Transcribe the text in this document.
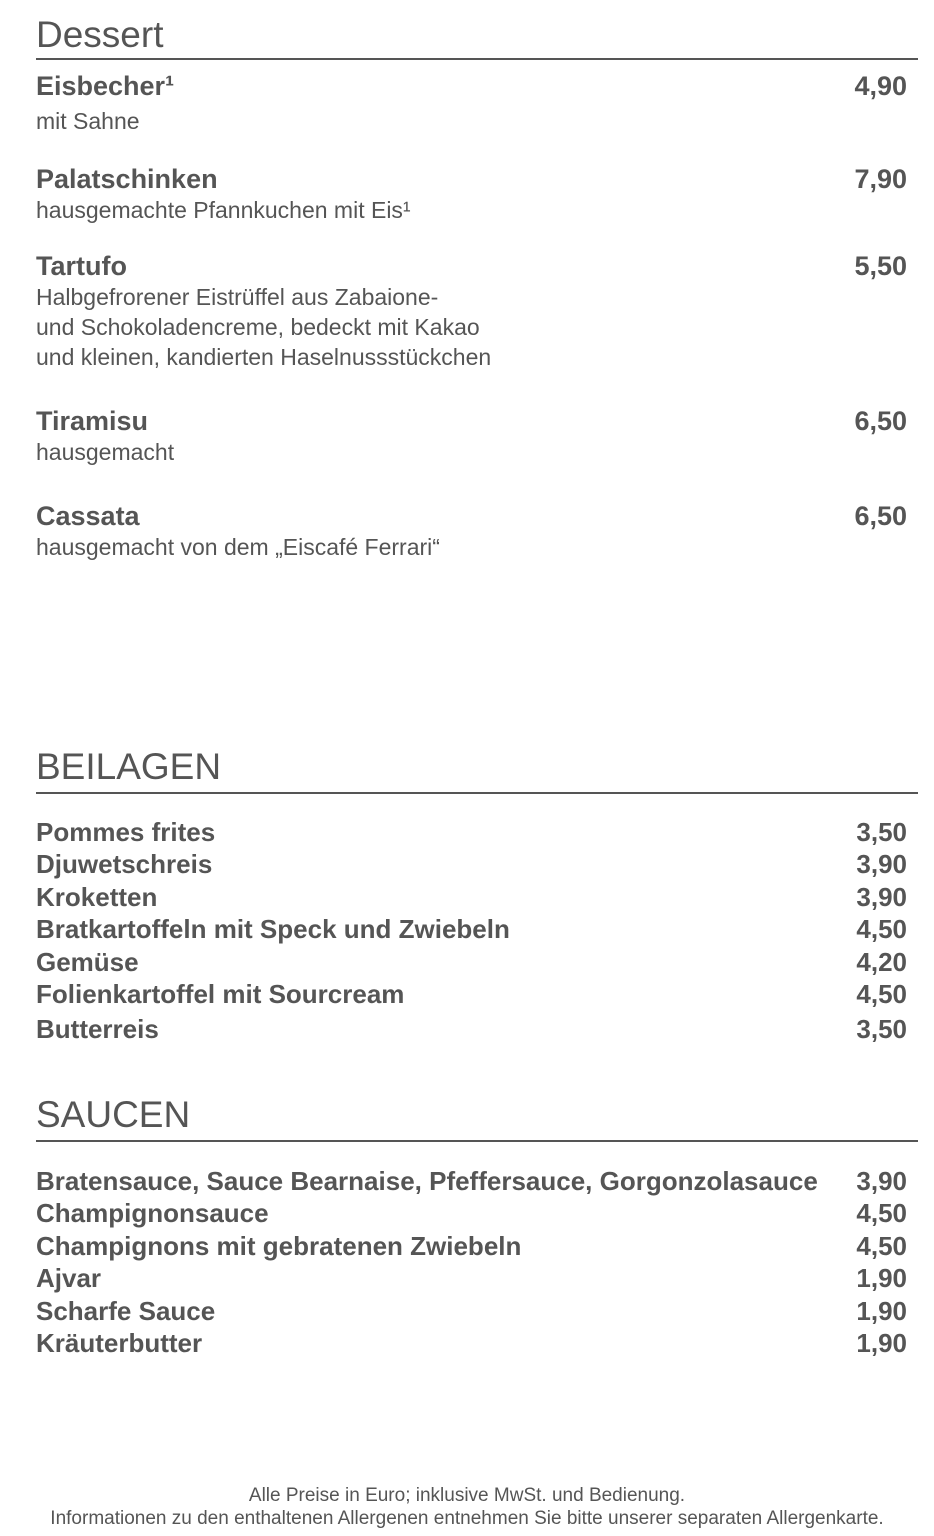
Dessert
Eisbecher¹
mit Sahne
4,90
Palatschinken
hausgemachte Pfannkuchen mit Eis¹
7,90
Tartufo
Halbgefrorener Eistrüffel aus Zabaione-
und Schokoladencreme, bedeckt mit Kakao
und kleinen, kandierten Haselnussstückchen
5,50
Tiramisu
hausgemacht
6,50
Cassata
hausgemacht von dem „Eiscafé Ferrari“
6,50
BEILAGEN
Pommes frites	3,50
Djuwetschreis	3,90
Kroketten	3,90
Bratkartoffeln mit Speck und Zwiebeln	4,50
Gemüse	4,20
Folienkartoffel mit Sourcream	4,50
Butterreis	3,50
SAUCEN
Bratensauce, Sauce Bearnaise, Pfeffersauce, Gorgonzolasauce 3,90
Champignonsauce	4,50
Champignons mit gebratenen Zwiebeln	4,50
Ajvar	1,90
Scharfe Sauce	1,90
Kräuterbutter	1,90
Alle Preise in Euro; inklusive MwSt. und Bedienung.
Informationen zu den enthaltenen Allergenen entnehmen Sie bitte unserer separaten Allergenkarte.
